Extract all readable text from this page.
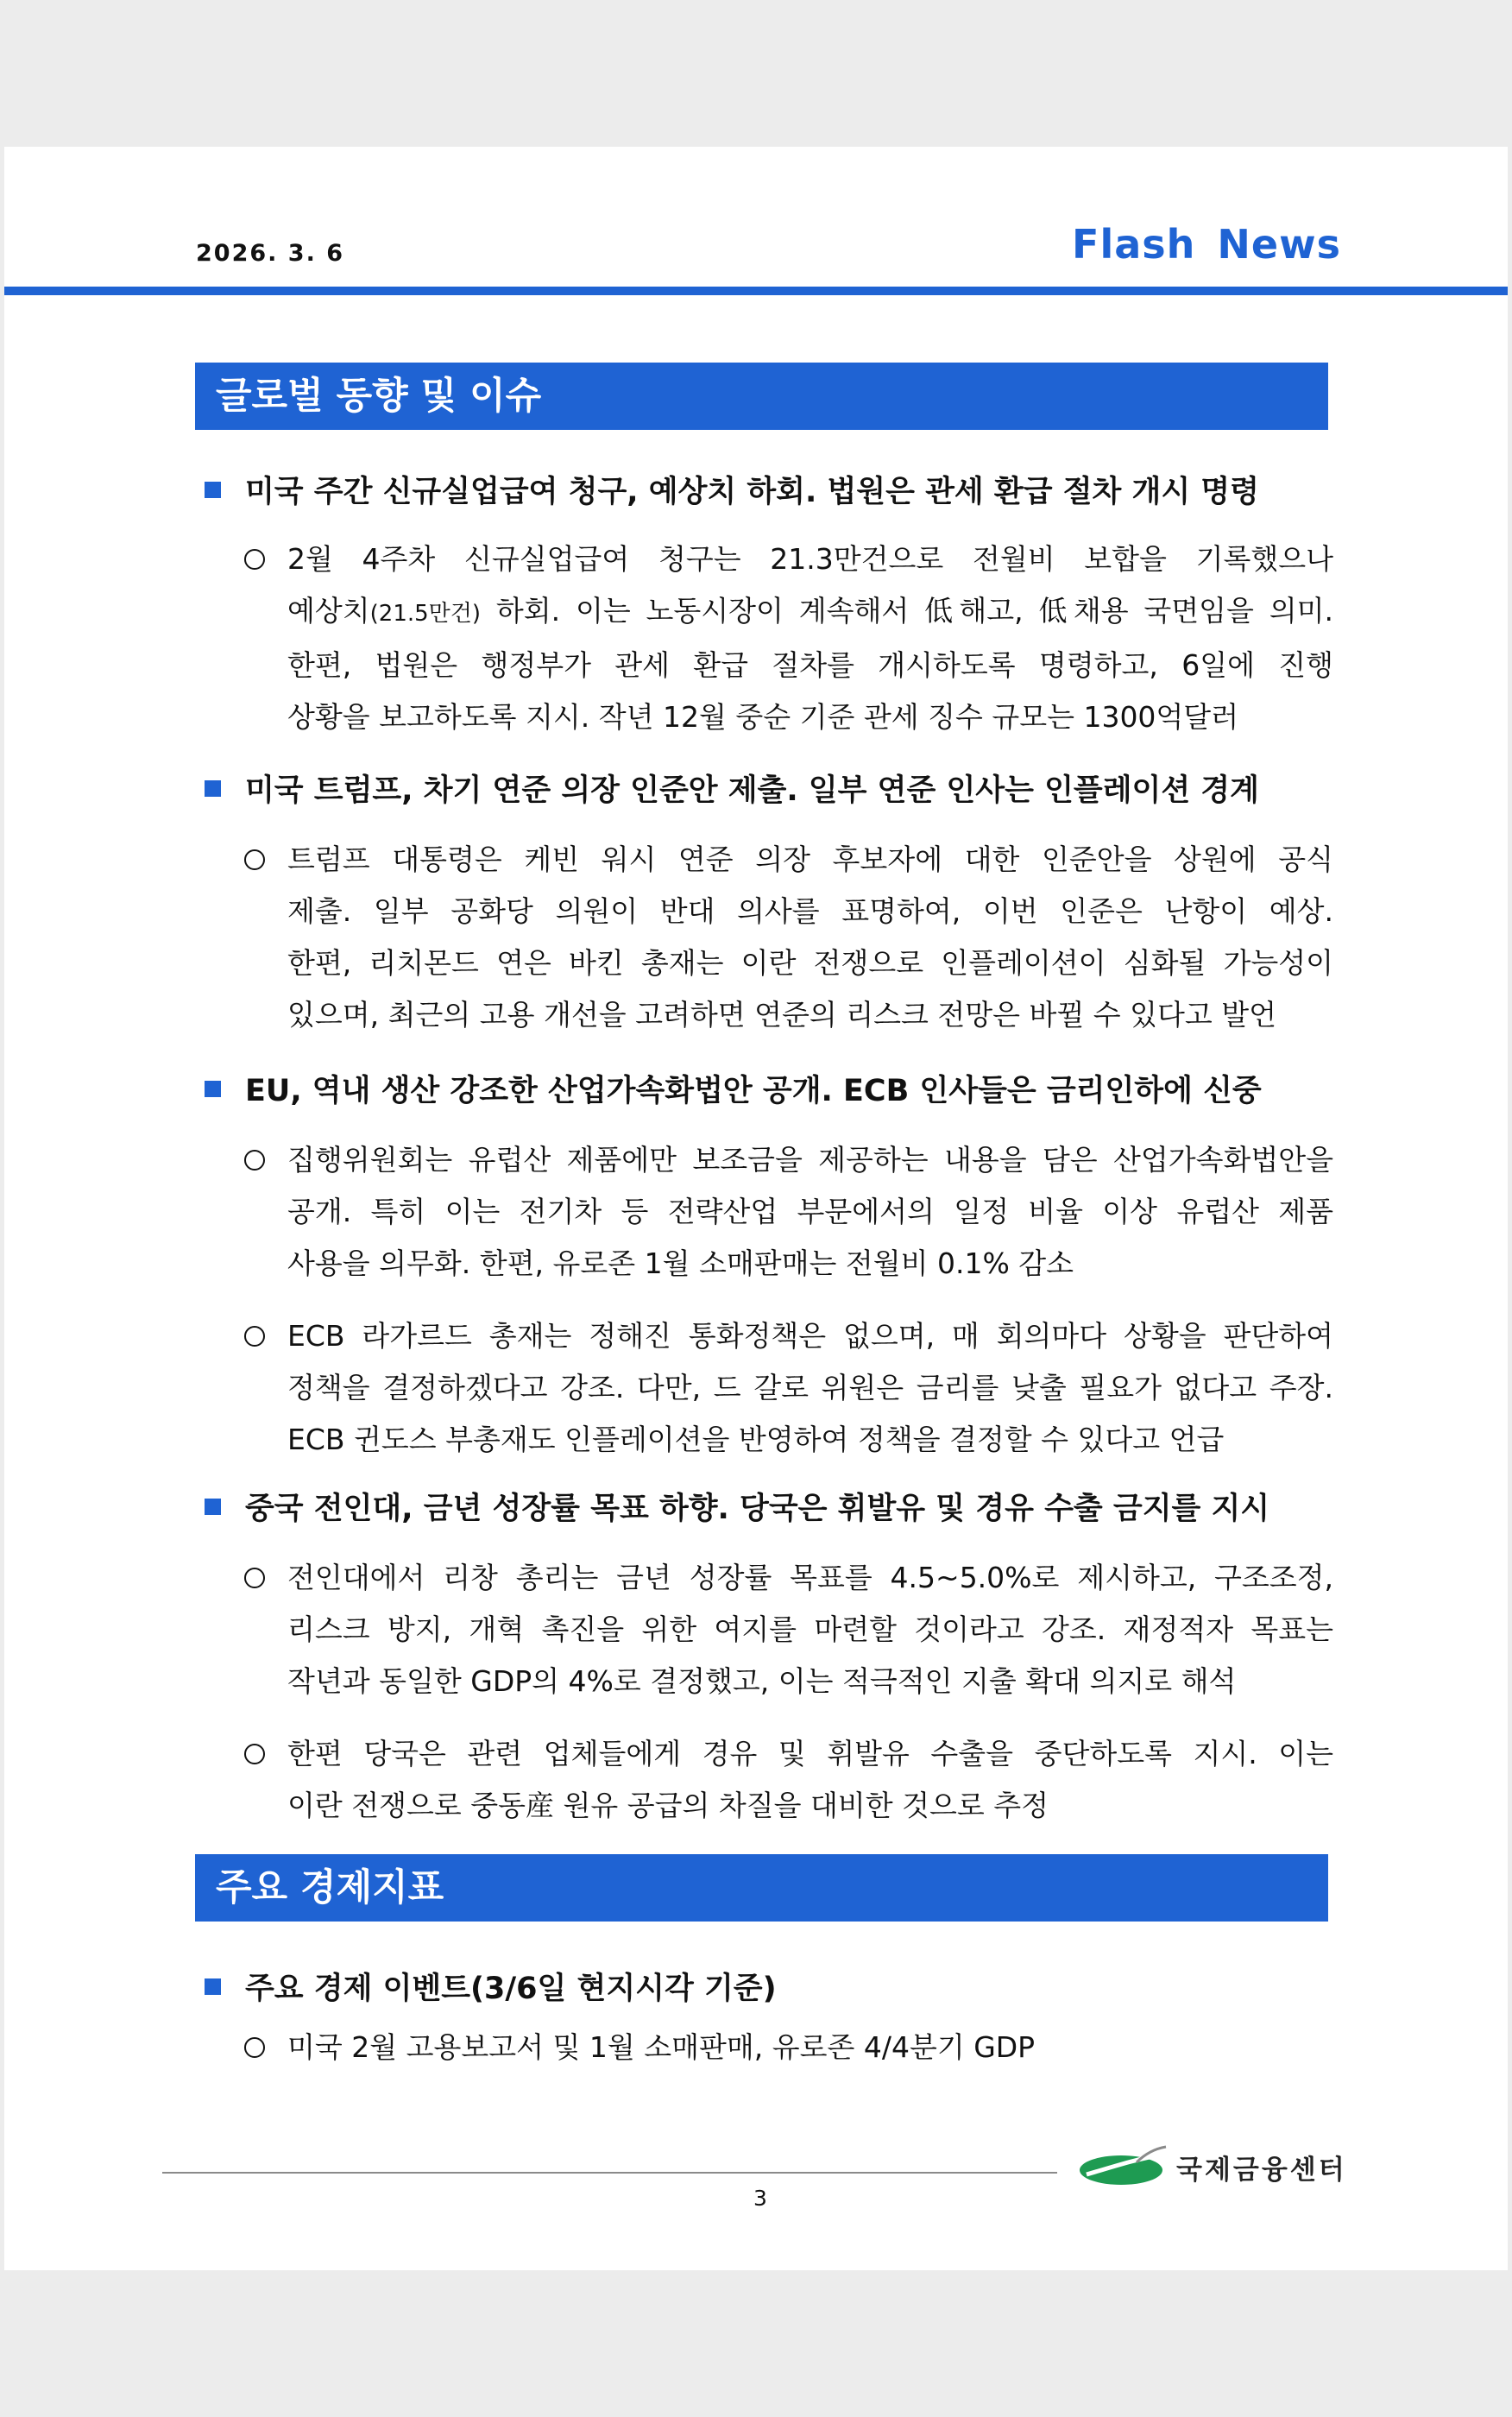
2026. 3. 6	Flash News
글로벌 동향 및 이슈
미국 주간 신규실업급여 청구, 예상치 하회. 법원은 관세 환급 절차 개시 명령
2월 4주차 신규실업급여 청구는 21.3만건으로 전월비 보합을 기록했으나
예상치(21.5만건) 하회. 이는 노동시장이 계속해서 低해고, 低채용 국면임을 의미.
한편, 법원은 행정부가 관세 환급 절차를 개시하도록 명령하고, 6일에 진행
상황을 보고하도록 지시. 작년 12월 중순 기준 관세 징수 규모는 1300억달러
미국 트럼프, 차기 연준 의장 인준안 제출. 일부 연준 인사는 인플레이션 경계
트럼프 대통령은 케빈 워시 연준 의장 후보자에 대한 인준안을 상원에 공식
제출. 일부 공화당 의원이 반대 의사를 표명하여, 이번 인준은 난항이 예상.
한편, 리치몬드 연은 바킨 총재는 이란 전쟁으로 인플레이션이 심화될 가능성이
있으며, 최근의 고용 개선을 고려하면 연준의 리스크 전망은 바뀔 수 있다고 발언
EU, 역내 생산 강조한 산업가속화법안 공개. ECB 인사들은 금리인하에 신중
집행위원회는 유럽산 제품에만 보조금을 제공하는 내용을 담은 산업가속화법안을
공개. 특히 이는 전기차 등 전략산업 부문에서의 일정 비율 이상 유럽산 제품
사용을 의무화. 한편, 유로존 1월 소매판매는 전월비 0.1% 감소
ECB 라가르드 총재는 정해진 통화정책은 없으며, 매 회의마다 상황을 판단하여
정책을 결정하겠다고 강조. 다만, 드 갈로 위원은 금리를 낮출 필요가 없다고 주장.
ECB 귄도스 부총재도 인플레이션을 반영하여 정책을 결정할 수 있다고 언급
중국 전인대, 금년 성장률 목표 하향. 당국은 휘발유 및 경유 수출 금지를 지시
전인대에서 리창 총리는 금년 성장률 목표를 4.5~5.0%로 제시하고, 구조조정,
리스크 방지, 개혁 촉진을 위한 여지를 마련할 것이라고 강조. 재정적자 목표는
작년과 동일한 GDP의 4%로 결정했고, 이는 적극적인 지출 확대 의지로 해석
한편 당국은 관련 업체들에게 경유 및 휘발유 수출을 중단하도록 지시. 이는
이란 전쟁으로 중동産 원유 공급의 차질을 대비한 것으로 추정
주요 경제지표
주요 경제 이벤트(3/6일 현지시각 기준)
미국 2월 고용보고서 및 1월 소매판매, 유로존 4/4분기 GDP
국제금융센터
3
